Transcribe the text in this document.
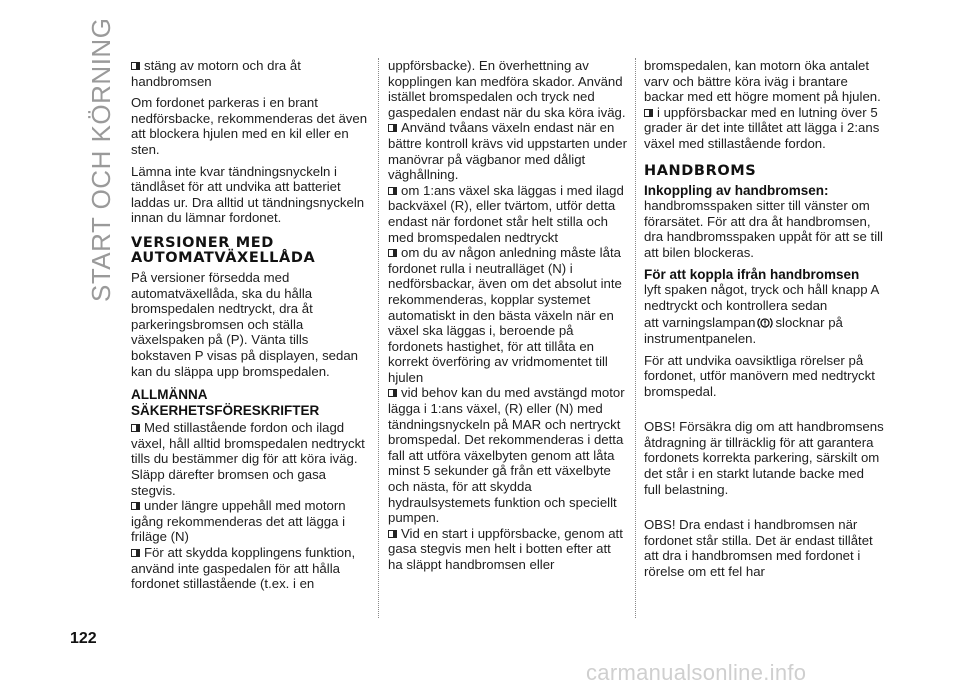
START OCH KÖRNING	stäng av motorn och dra åt handbromsen

Om fordonet parkeras i en brant nedförsbacke, rekommenderas det även att blockera hjulen med en kil eller en sten.

Lämna inte kvar tändningsnyckeln i tändlåset för att undvika att batteriet laddas ur. Dra alltid ut tändningsnyckeln innan du lämnar fordonet.

VERSIONER MED AUTOMATVÄXELLÅDA

På versioner försedda med automatväxellåda, ska du hålla bromspedalen nedtryckt, dra åt parkeringsbromsen och ställa växelspaken på (P). Vänta tills bokstaven P visas på displayen, sedan kan du släppa upp bromspedalen.

ALLMÄNNA SÄKERHETSFÖRESKRIFTER

Med stillastående fordon och ilagd växel, håll alltid bromspedalen nedtryckt tills du bestämmer dig för att köra iväg. Släpp därefter bromsen och gasa stegvis.

under längre uppehåll med motorn igång rekommenderas det att lägga i friläge (N)

För att skydda kopplingens funktion, använd inte gaspedalen för att hålla fordonet stillastående (t.ex. i en

uppförsbacke). En överhettning av kopplingen kan medföra skador. Använd istället bromspedalen och tryck ned gaspedalen endast när du ska köra iväg.

Använd tvåans växeln endast när en bättre kontroll krävs vid uppstarten under manövrar på vägbanor med dåligt väghållning.

om 1:ans växel ska läggas i med ilagd backväxel (R), eller tvärtom, utför detta endast när fordonet står helt stilla och med bromspedalen nedtryckt

om du av någon anledning måste låta fordonet rulla i neutralläget (N) i nedförsbackar, även om det absolut inte rekommenderas, kopplar systemet automatiskt in den bästa växeln när en växel ska läggas i, beroende på fordonets hastighet, för att tillåta en korrekt överföring av vridmomentet till hjulen

vid behov kan du med avstängd motor lägga i 1:ans växel, (R) eller (N) med tändningsnyckeln på MAR och nertryckt bromspedal. Det rekommenderas i detta fall att utföra växelbyten genom att låta minst 5 sekunder gå från ett växelbyte och nästa, för att skydda hydraulsystemets funktion och speciellt pumpen.

Vid en start i uppförsbacke, genom att gasa stegvis men helt i botten efter att ha släppt handbromsen eller

bromspedalen, kan motorn öka antalet varv och bättre köra iväg i brantare backar med ett högre moment på hjulen.

i uppförsbackar med en lutning över 5 grader är det inte tillåtet att lägga i 2:ans växel med stillastående fordon.

HANDBROMS
Inkoppling av handbromsen:

handbromsspaken sitter till vänster om förarsätet. För att dra åt handbromsen, dra handbromsspaken uppåt för att se till att bilen blockeras.

För att koppla ifrån handbromsen

lyft spaken något, tryck och håll knapp A nedtryckt och kontrollera sedan

att varningslampan slocknar på instrumentpanelen.

För att undvika oavsiktliga rörelser på fordonet, utför manövern med nedtryckt bromspedal.

OBS! Försäkra dig om att handbromsens åtdragning är tillräcklig för att garantera fordonets korrekta parkering, särskilt om det står i en starkt lutande backe med full belastning.

OBS! Dra endast i handbromsen när fordonet står stilla. Det är endast tillåtet att dra i handbromsen med fordonet i rörelse om ett fel har

122
carmanualsonline.info
